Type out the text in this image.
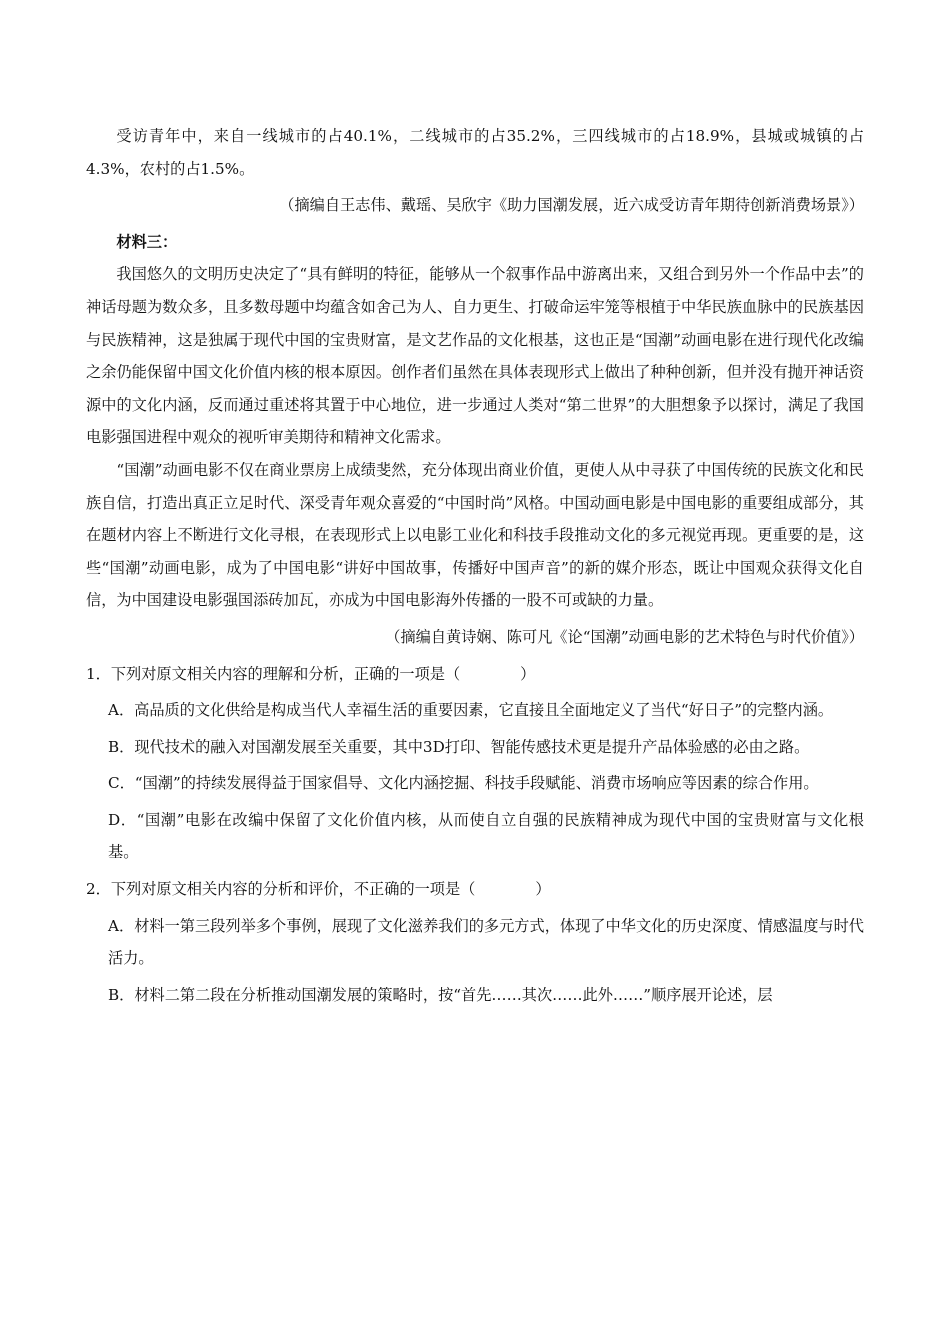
受访青年中，来自一线城市的占40.1%，二线城市的占35.2%，三四线城市的占18.9%，县城或城镇的占4.3%，农村的占1.5%。

（摘编自王志伟、戴瑶、吴欣宇《助力国潮发展，近六成受访青年期待创新消费场景》）

材料三：

我国悠久的文明历史决定了“具有鲜明的特征，能够从一个叙事作品中游离出来，又组合到另外一个作品中去”的神话母题为数众多，且多数母题中均蕴含如舍己为人、自力更生、打破命运牢笼等根植于中华民族血脉中的民族基因与民族精神，这是独属于现代中国的宝贵财富，是文艺作品的文化根基，这也正是“国潮”动画电影在进行现代化改编之余仍能保留中国文化价值内核的根本原因。创作者们虽然在具体表现形式上做出了种种创新，但并没有抛开神话资源中的文化内涵，反而通过重述将其置于中心地位，进一步通过人类对“第二世界”的大胆想象予以探讨，满足了我国电影强国进程中观众的视听审美期待和精神文化需求。

“国潮”动画电影不仅在商业票房上成绩斐然，充分体现出商业价值，更使人从中寻获了中国传统的民族文化和民族自信，打造出真正立足时代、深受青年观众喜爱的“中国时尚”风格。中国动画电影是中国电影的重要组成部分，其在题材内容上不断进行文化寻根，在表现形式上以电影工业化和科技手段推动文化的多元视觉再现。更重要的是，这些“国潮”动画电影，成为了中国电影“讲好中国故事，传播好中国声音”的新的媒介形态，既让中国观众获得文化自信，为中国建设电影强国添砖加瓦，亦成为中国电影海外传播的一股不可或缺的力量。

（摘编自黄诗娴、陈可凡《论“国潮”动画电影的艺术特色与时代价值》）

1．下列对原文相关内容的理解和分析，正确的一项是（	）

A．高品质的文化供给是构成当代人幸福生活的重要因素，它直接且全面地定义了当代“好日子”的完整内涵。

B．现代技术的融入对国潮发展至关重要，其中3D打印、智能传感技术更是提升产品体验感的必由之路。

C．“国潮”的持续发展得益于国家倡导、文化内涵挖掘、科技手段赋能、消费市场响应等因素的综合作用。

D．“国潮”电影在改编中保留了文化价值内核，从而使自立自强的民族精神成为现代中国的宝贵财富与文化根基。

2．下列对原文相关内容的分析和评价，不正确的一项是（	）

A．材料一第三段列举多个事例，展现了文化滋养我们的多元方式，体现了中华文化的历史深度、情感温度与时代活力。

B．材料二第二段在分析推动国潮发展的策略时，按“首先……其次……此外……”顺序展开论述，层
